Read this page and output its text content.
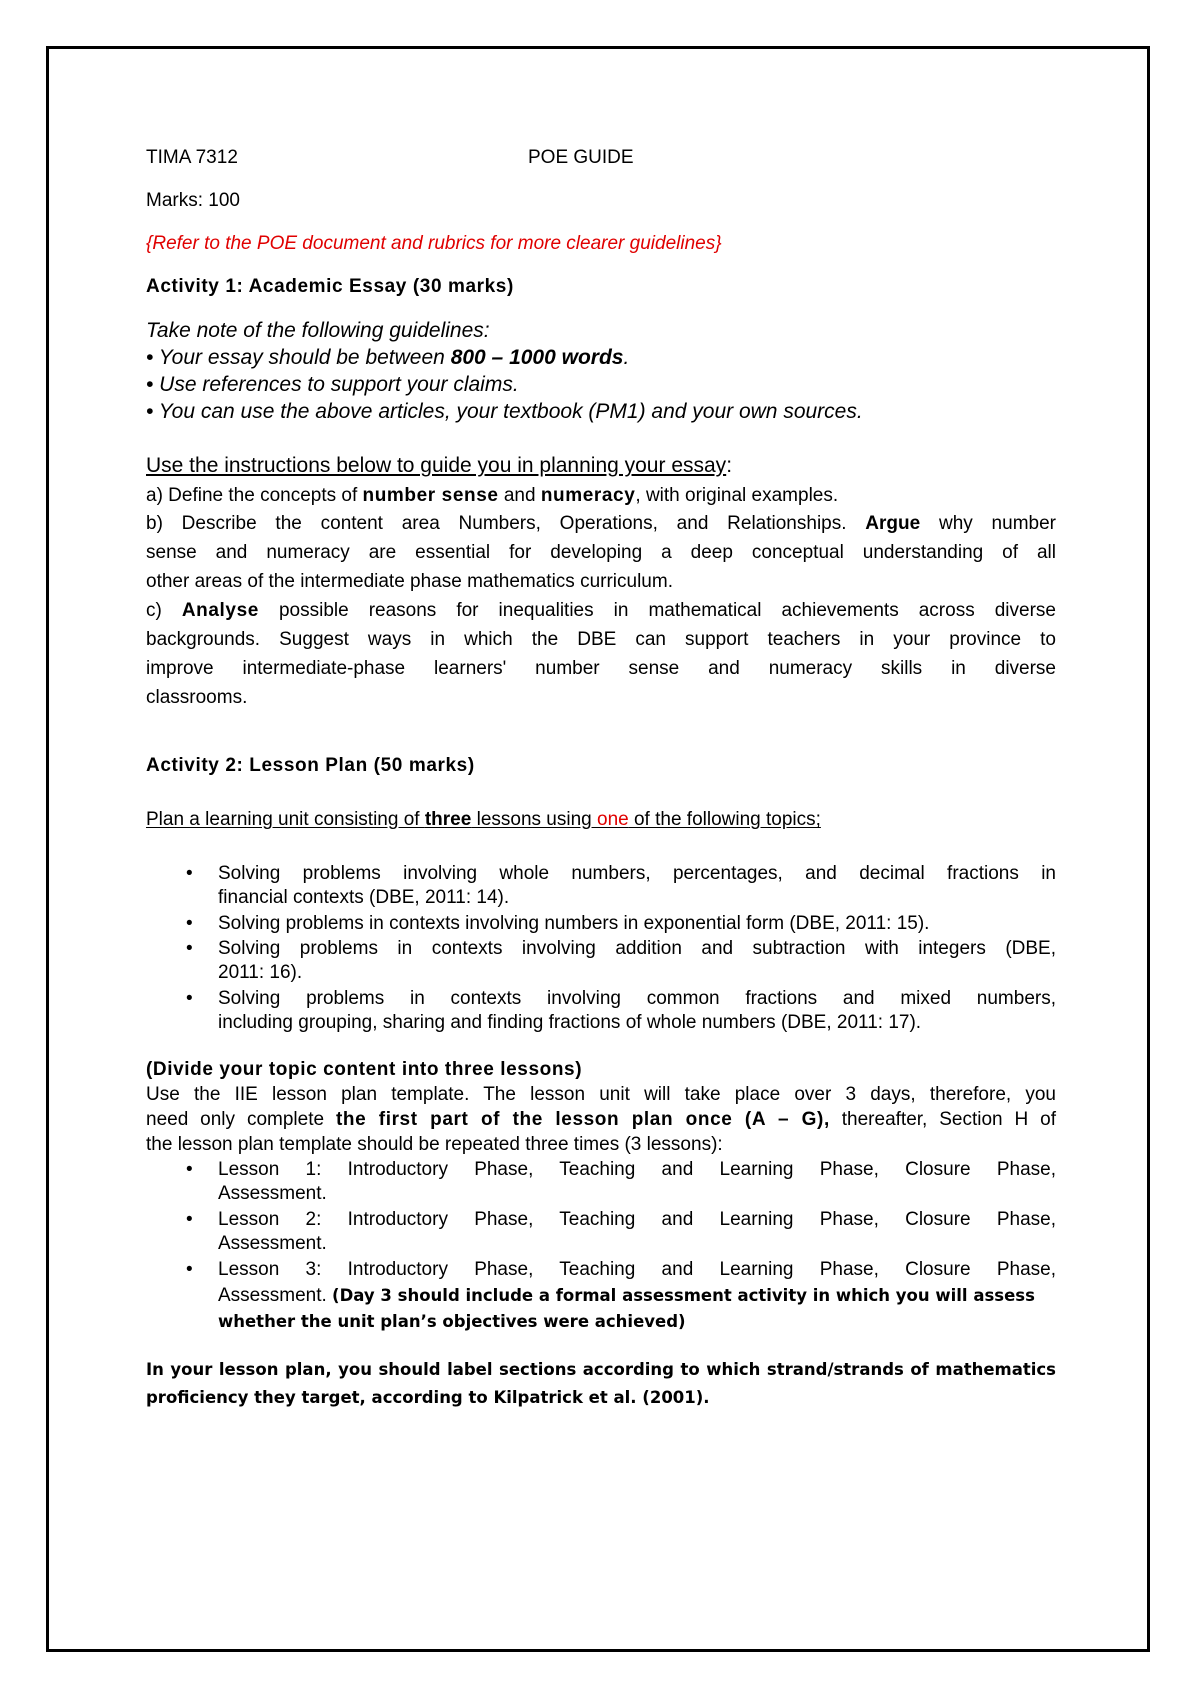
TIMA 7312	POE GUIDE
Marks: 100
{Refer to the POE document and rubrics for more clearer guidelines}
Activity 1: Academic Essay (30 marks)
Take note of the following guidelines:
• Your essay should be between 800 – 1000 words.
• Use references to support your claims.
• You can use the above articles, your textbook (PM1) and your own sources.
Use the instructions below to guide you in planning your essay:
a) Define the concepts of number sense and numeracy, with original examples.
b) Describe the content area Numbers, Operations, and Relationships. Argue why number
sense and numeracy are essential for developing a deep conceptual understanding of all
other areas of the intermediate phase mathematics curriculum.
c) Analyse possible reasons for inequalities in mathematical achievements across diverse
backgrounds. Suggest ways in which the DBE can support teachers in your province to
improve intermediate-phase learners' number sense and numeracy skills in diverse
classrooms.
Activity 2: Lesson Plan (50 marks)
Plan a learning unit consisting of three lessons using one of the following topics;
• Solving problems involving whole numbers, percentages, and decimal fractions in
financial contexts (DBE, 2011: 14).
• Solving problems in contexts involving numbers in exponential form (DBE, 2011: 15).
• Solving problems in contexts involving addition and subtraction with integers (DBE,
2011: 16).
• Solving problems in contexts involving common fractions and mixed numbers,
including grouping, sharing and finding fractions of whole numbers (DBE, 2011: 17).
(Divide your topic content into three lessons)
Use the IIE lesson plan template. The lesson unit will take place over 3 days, therefore, you
need only complete the first part of the lesson plan once (A – G), thereafter, Section H of
the lesson plan template should be repeated three times (3 lessons):
• Lesson 1: Introductory Phase, Teaching and Learning Phase, Closure Phase,
Assessment.
• Lesson 2: Introductory Phase, Teaching and Learning Phase, Closure Phase,
Assessment.
• Lesson 3: Introductory Phase, Teaching and Learning Phase, Closure Phase,
Assessment. (Day 3 should include a formal assessment activity in which you will assess
whether the unit plan’s objectives were achieved)
In your lesson plan, you should label sections according to which strand/strands of mathematics
proficiency they target, according to Kilpatrick et al. (2001).
